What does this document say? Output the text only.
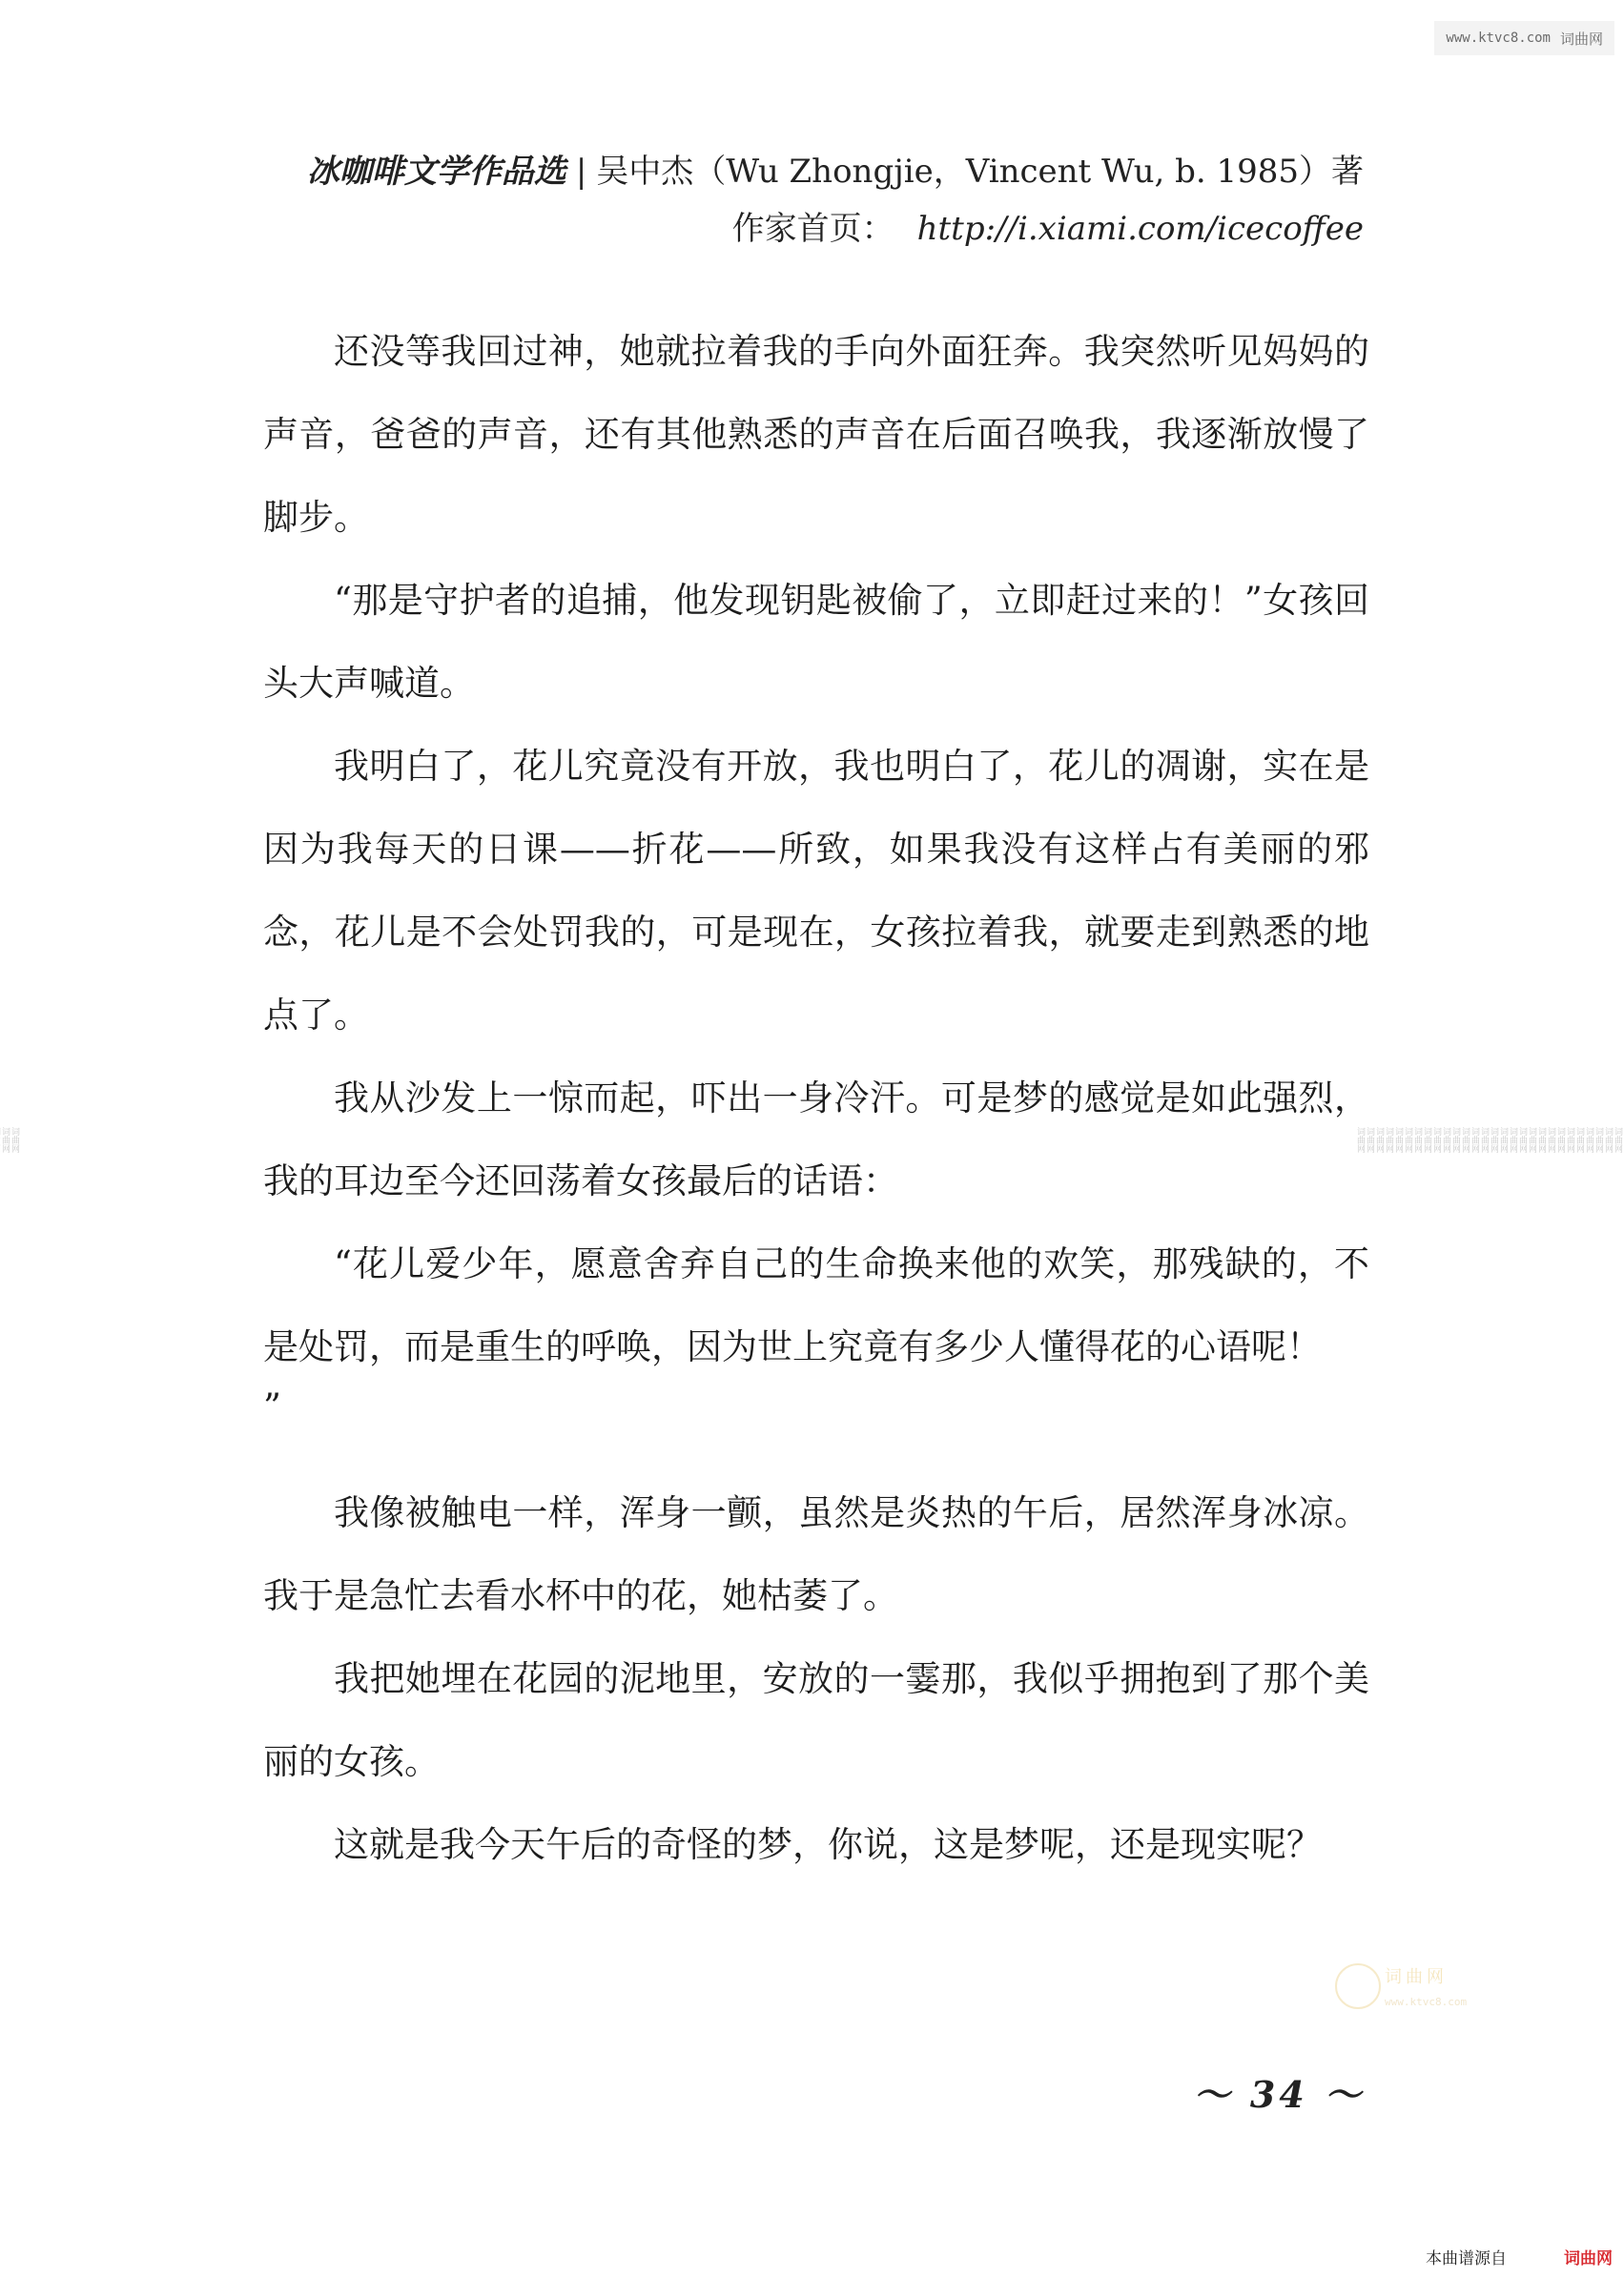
www.ktvc8.com 词曲网
词曲网
词曲网	词曲网
词曲网
词曲网
词曲网
词曲网
词曲网
词曲网
词曲网
词曲网
词曲网
词曲网
词曲网
词曲网
词曲网
词曲网
词曲网
词曲网
词曲网
词曲网
词曲网
词曲网
词曲网
词曲网
词曲网
词曲网
词曲网
词曲网
词曲网
冰咖啡文学作品选 | 吴中杰（Wu Zhongjie，Vincent Wu, b. 1985）著
作家首页： http://i.xiami.com/icecoffee

还没等我回过神，她就拉着我的手向外面狂奔。我突然听见妈妈的声音，爸爸的声音，还有其他熟悉的声音在后面召唤我，我逐渐放慢了脚步。

“那是守护者的追捕，他发现钥匙被偷了，立即赶过来的！”女孩回头大声喊道。

我明白了，花儿究竟没有开放，我也明白了，花儿的凋谢，实在是因为我每天的日课——折花——所致，如果我没有这样占有美丽的邪念，花儿是不会处罚我的，可是现在，女孩拉着我，就要走到熟悉的地点了。

我从沙发上一惊而起，吓出一身冷汗。可是梦的感觉是如此强烈，我的耳边至今还回荡着女孩最后的话语：

“花儿爱少年，愿意舍弃自己的生命换来他的欢笑，那残缺的，不是处罚，而是重生的呼唤，因为世上究竟有多少人懂得花的心语呢！

”

我像被触电一样，浑身一颤，虽然是炎热的午后，居然浑身冰凉。我于是急忙去看水杯中的花，她枯萎了。

我把她埋在花园的泥地里，安放的一霎那，我似乎拥抱到了那个美丽的女孩。

这就是我今天午后的奇怪的梦，你说，这是梦呢，还是现实呢？

词曲网
www.ktvc8.com
～ 34 ～
本曲谱源自	词曲网
